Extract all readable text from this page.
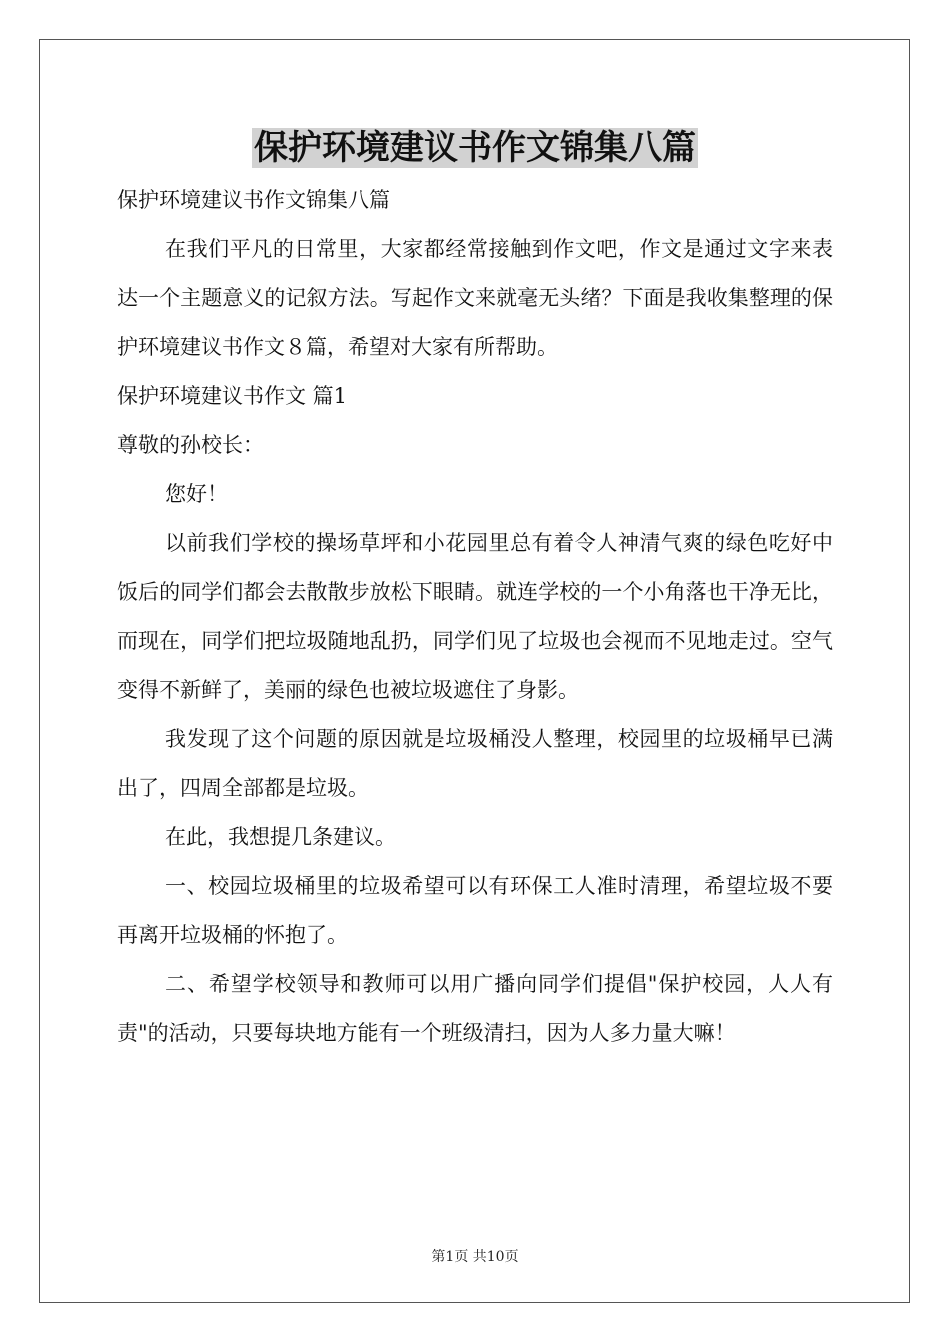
保护环境建议书作文锦集八篇

保护环境建议书作文锦集八篇

在我们平凡的日常里，大家都经常接触到作文吧，作文是通过文字来表达一个主题意义的记叙方法。写起作文来就毫无头绪？下面是我收集整理的保护环境建议书作文８篇，希望对大家有所帮助。

保护环境建议书作文 篇1

尊敬的孙校长：

您好！

以前我们学校的操场草坪和小花园里总有着令人神清气爽的绿色吃好中饭后的同学们都会去散散步放松下眼睛。就连学校的一个小角落也干净无比，而现在，同学们把垃圾随地乱扔，同学们见了垃圾也会视而不见地走过。空气变得不新鲜了，美丽的绿色也被垃圾遮住了身影。

我发现了这个问题的原因就是垃圾桶没人整理，校园里的垃圾桶早已满出了，四周全部都是垃圾。

在此，我想提几条建议。

一、校园垃圾桶里的垃圾希望可以有环保工人准时清理，希望垃圾不要再离开垃圾桶的怀抱了。

二、希望学校领导和教师可以用广播向同学们提倡"保护校园，人人有责"的活动，只要每块地方能有一个班级清扫，因为人多力量大嘛！

第1页 共10页
